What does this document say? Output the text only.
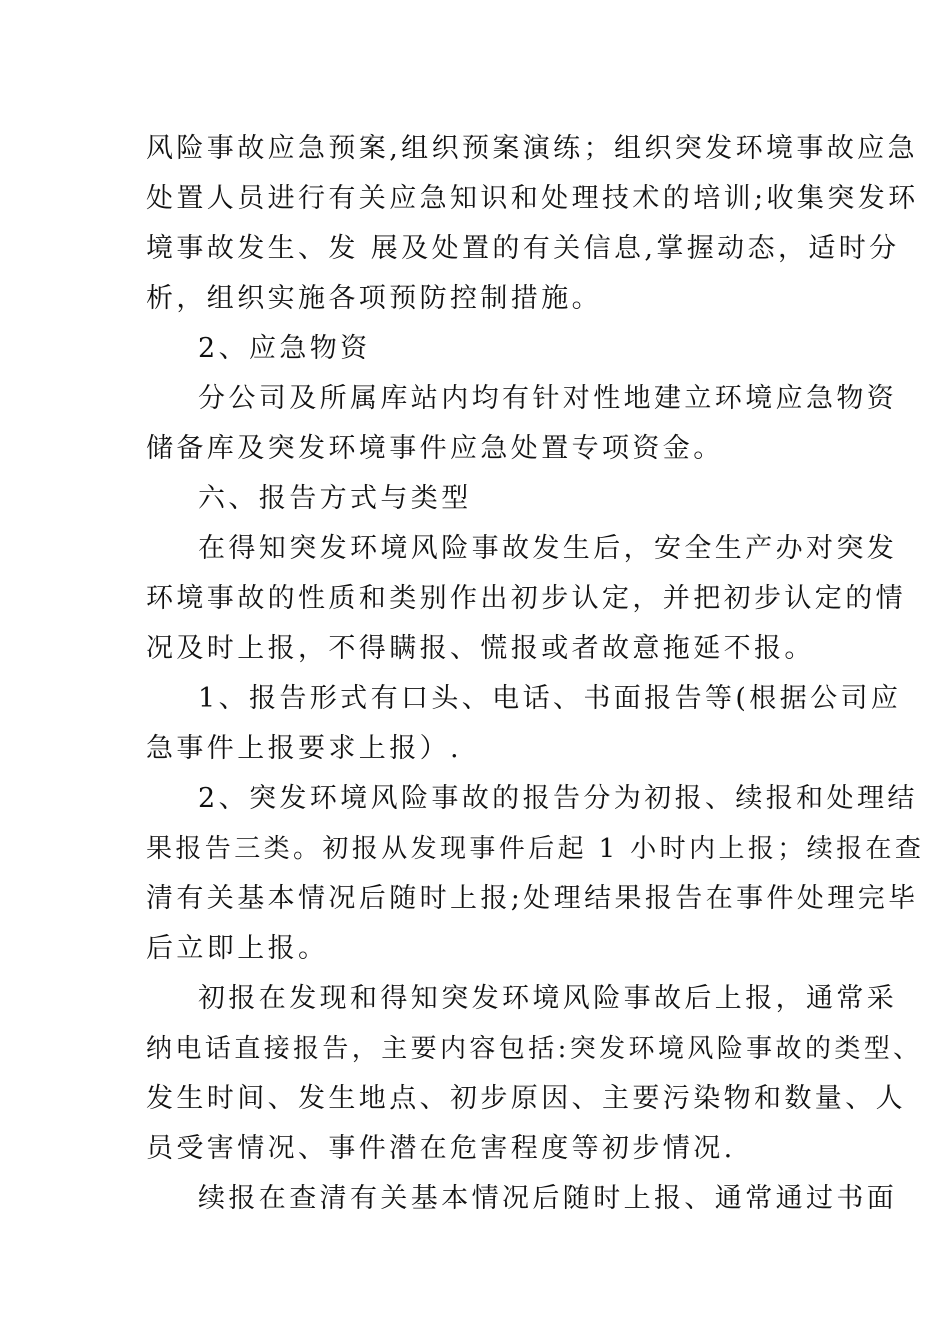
风险事故应急预案,组织预案演练；组织突发环境事故应急
处置人员进行有关应急知识和处理技术的培训;收集突发环
境事故发生、发 展及处置的有关信息,掌握动态，适时分
析，组织实施各项预防控制措施。
2、应急物资
分公司及所属库站内均有针对性地建立环境应急物资
储备库及突发环境事件应急处置专项资金。
六、报告方式与类型
在得知突发环境风险事故发生后，安全生产办对突发
环境事故的性质和类别作出初步认定，并把初步认定的情
况及时上报，不得瞒报、慌报或者故意拖延不报。
1、报告形式有口头、电话、书面报告等(根据公司应
急事件上报要求上报）.
2、突发环境风险事故的报告分为初报、续报和处理结
果报告三类。初报从发现事件后起 1 小时内上报；续报在查
清有关基本情况后随时上报;处理结果报告在事件处理完毕
后立即上报。
初报在发现和得知突发环境风险事故后上报，通常采
纳电话直接报告，主要内容包括:突发环境风险事故的类型、
发生时间、发生地点、初步原因、主要污染物和数量、人
员受害情况、事件潜在危害程度等初步情况.
续报在查清有关基本情况后随时上报、通常通过书面
